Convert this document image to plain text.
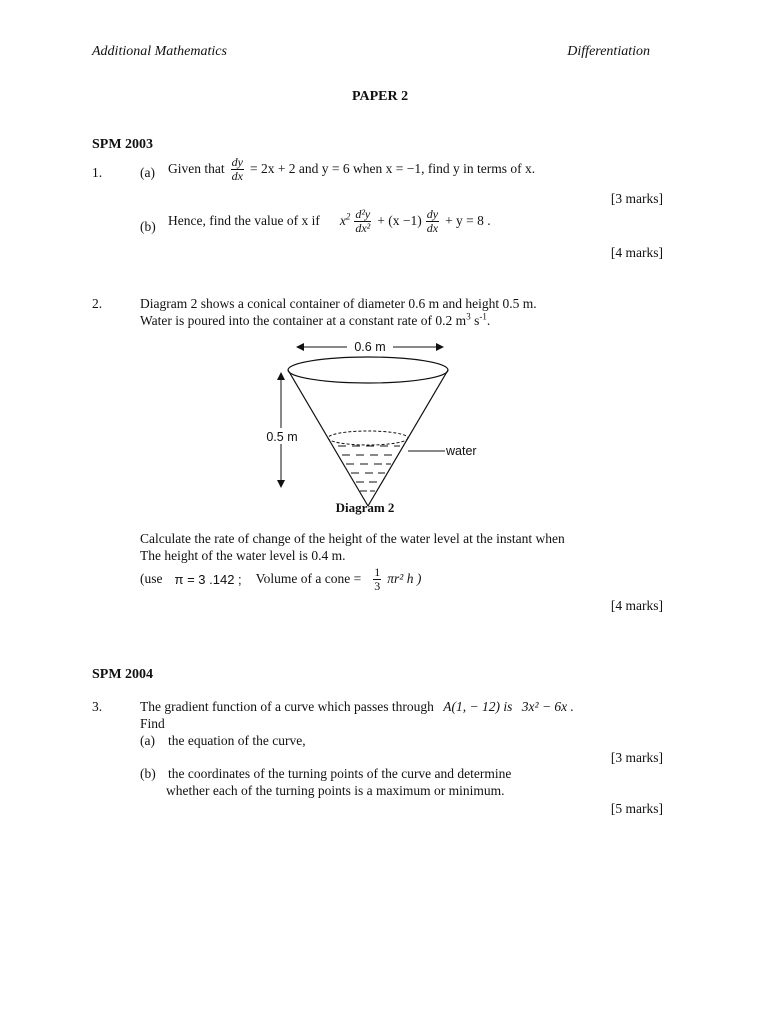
Additional Mathematics	Differentiation
PAPER 2
SPM 2003
1.	(a) Given that $\frac{dy}{dx} = 2x + 2$ and y = 6 when x = −1, find y in terms of x.
[3 marks]
(b) Hence, find the value of x if $x^2 \frac{\text{d²y}}{\text{dx²}} + (x -1) \frac{dy}{dx} + y = 8$ .
[4 marks]
2.	Diagram 2 shows a conical container of diameter 0.6 m and height 0.5 m.
Water is poured into the container at a constant rate of 0.2 $m^3$ $s^{-1}$.
0.6 m
water
0.5 m
Diagram 2
Calculate the rate of change of the height of the water level at the instant when
The height of the water level is 0.4 m.
(use π = 3 .142 ; Volume of a cone = $\frac{1}{3} \pi r^2$ h )
[4 marks]
SPM 2004
3.	The gradient function of a curve which passes through A(1, − 12) is 3x² − 6x .
Find
(a) the equation of the curve,
[3 marks]
(b) the coordinates of the turning points of the curve and determine
whether each of the turning points is a maximum or minimum.
[5 marks]
